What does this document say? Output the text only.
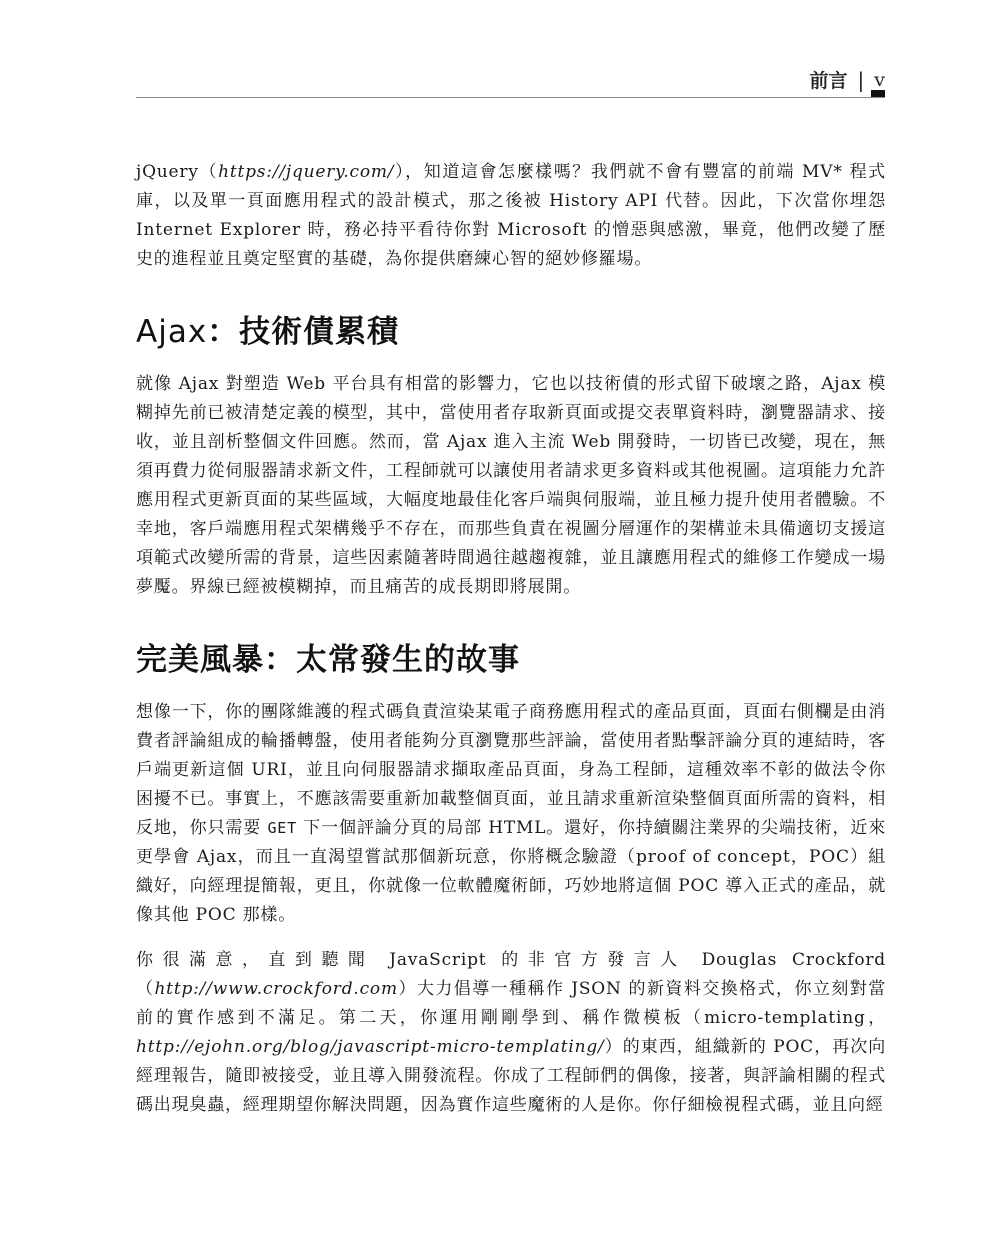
前言 | v

jQuery（https://jquery.com/），知道這會怎麼樣嗎？我們就不會有豐富的前端 MV* 程式庫，以及單一頁面應用程式的設計模式，那之後被 History API 代替。因此，下次當你埋怨 Internet Explorer 時，務必持平看待你對 Microsoft 的憎惡與感激，畢竟，他們改變了歷史的進程並且奠定堅實的基礎，為你提供磨練心智的絕妙修羅場。

Ajax：技術債累積

就像 Ajax 對塑造 Web 平台具有相當的影響力，它也以技術債的形式留下破壞之路，Ajax 模糊掉先前已被清楚定義的模型，其中，當使用者存取新頁面或提交表單資料時，瀏覽器請求、接收，並且剖析整個文件回應。然而，當 Ajax 進入主流 Web 開發時，一切皆已改變，現在，無須再費力從伺服器請求新文件，工程師就可以讓使用者請求更多資料或其他視圖。這項能力允許應用程式更新頁面的某些區域，大幅度地最佳化客戶端與伺服端，並且極力提升使用者體驗。不幸地，客戶端應用程式架構幾乎不存在，而那些負責在視圖分層運作的架構並未具備適切支援這項範式改變所需的背景，這些因素隨著時間過往越趨複雜，並且讓應用程式的維修工作變成一場夢魘。界線已經被模糊掉，而且痛苦的成長期即將展開。

完美風暴：太常發生的故事

想像一下，你的團隊維護的程式碼負責渲染某電子商務應用程式的產品頁面，頁面右側欄是由消費者評論組成的輪播轉盤，使用者能夠分頁瀏覽那些評論，當使用者點擊評論分頁的連結時，客戶端更新這個 URI，並且向伺服器請求擷取產品頁面，身為工程師，這種效率不彰的做法令你困擾不已。事實上，不應該需要重新加載整個頁面，並且請求重新渲染整個頁面所需的資料，相反地，你只需要 GET 下一個評論分頁的局部 HTML。還好，你持續關注業界的尖端技術，近來更學會 Ajax，而且一直渴望嘗試那個新玩意，你將概念驗證（proof of concept，POC）組織好，向經理提簡報，更且，你就像一位軟體魔術師，巧妙地將這個 POC 導入正式的產品，就像其他 POC 那樣。

你很滿意，直到聽聞 JavaScript 的非官方發言人 Douglas Crockford（http://www.crockford.com）大力倡導一種稱作 JSON 的新資料交換格式，你立刻對當前的實作感到不滿足。第二天，你運用剛剛學到、稱作微模板（micro-templating，http://ejohn.org/blog/javascript-micro-templating/）的東西，組織新的 POC，再次向經理報告，隨即被接受，並且導入開發流程。你成了工程師們的偶像，接著，與評論相關的程式碼出現臭蟲，經理期望你解決問題，因為實作這些魔術的人是你。你仔細檢視程式碼，並且向經
